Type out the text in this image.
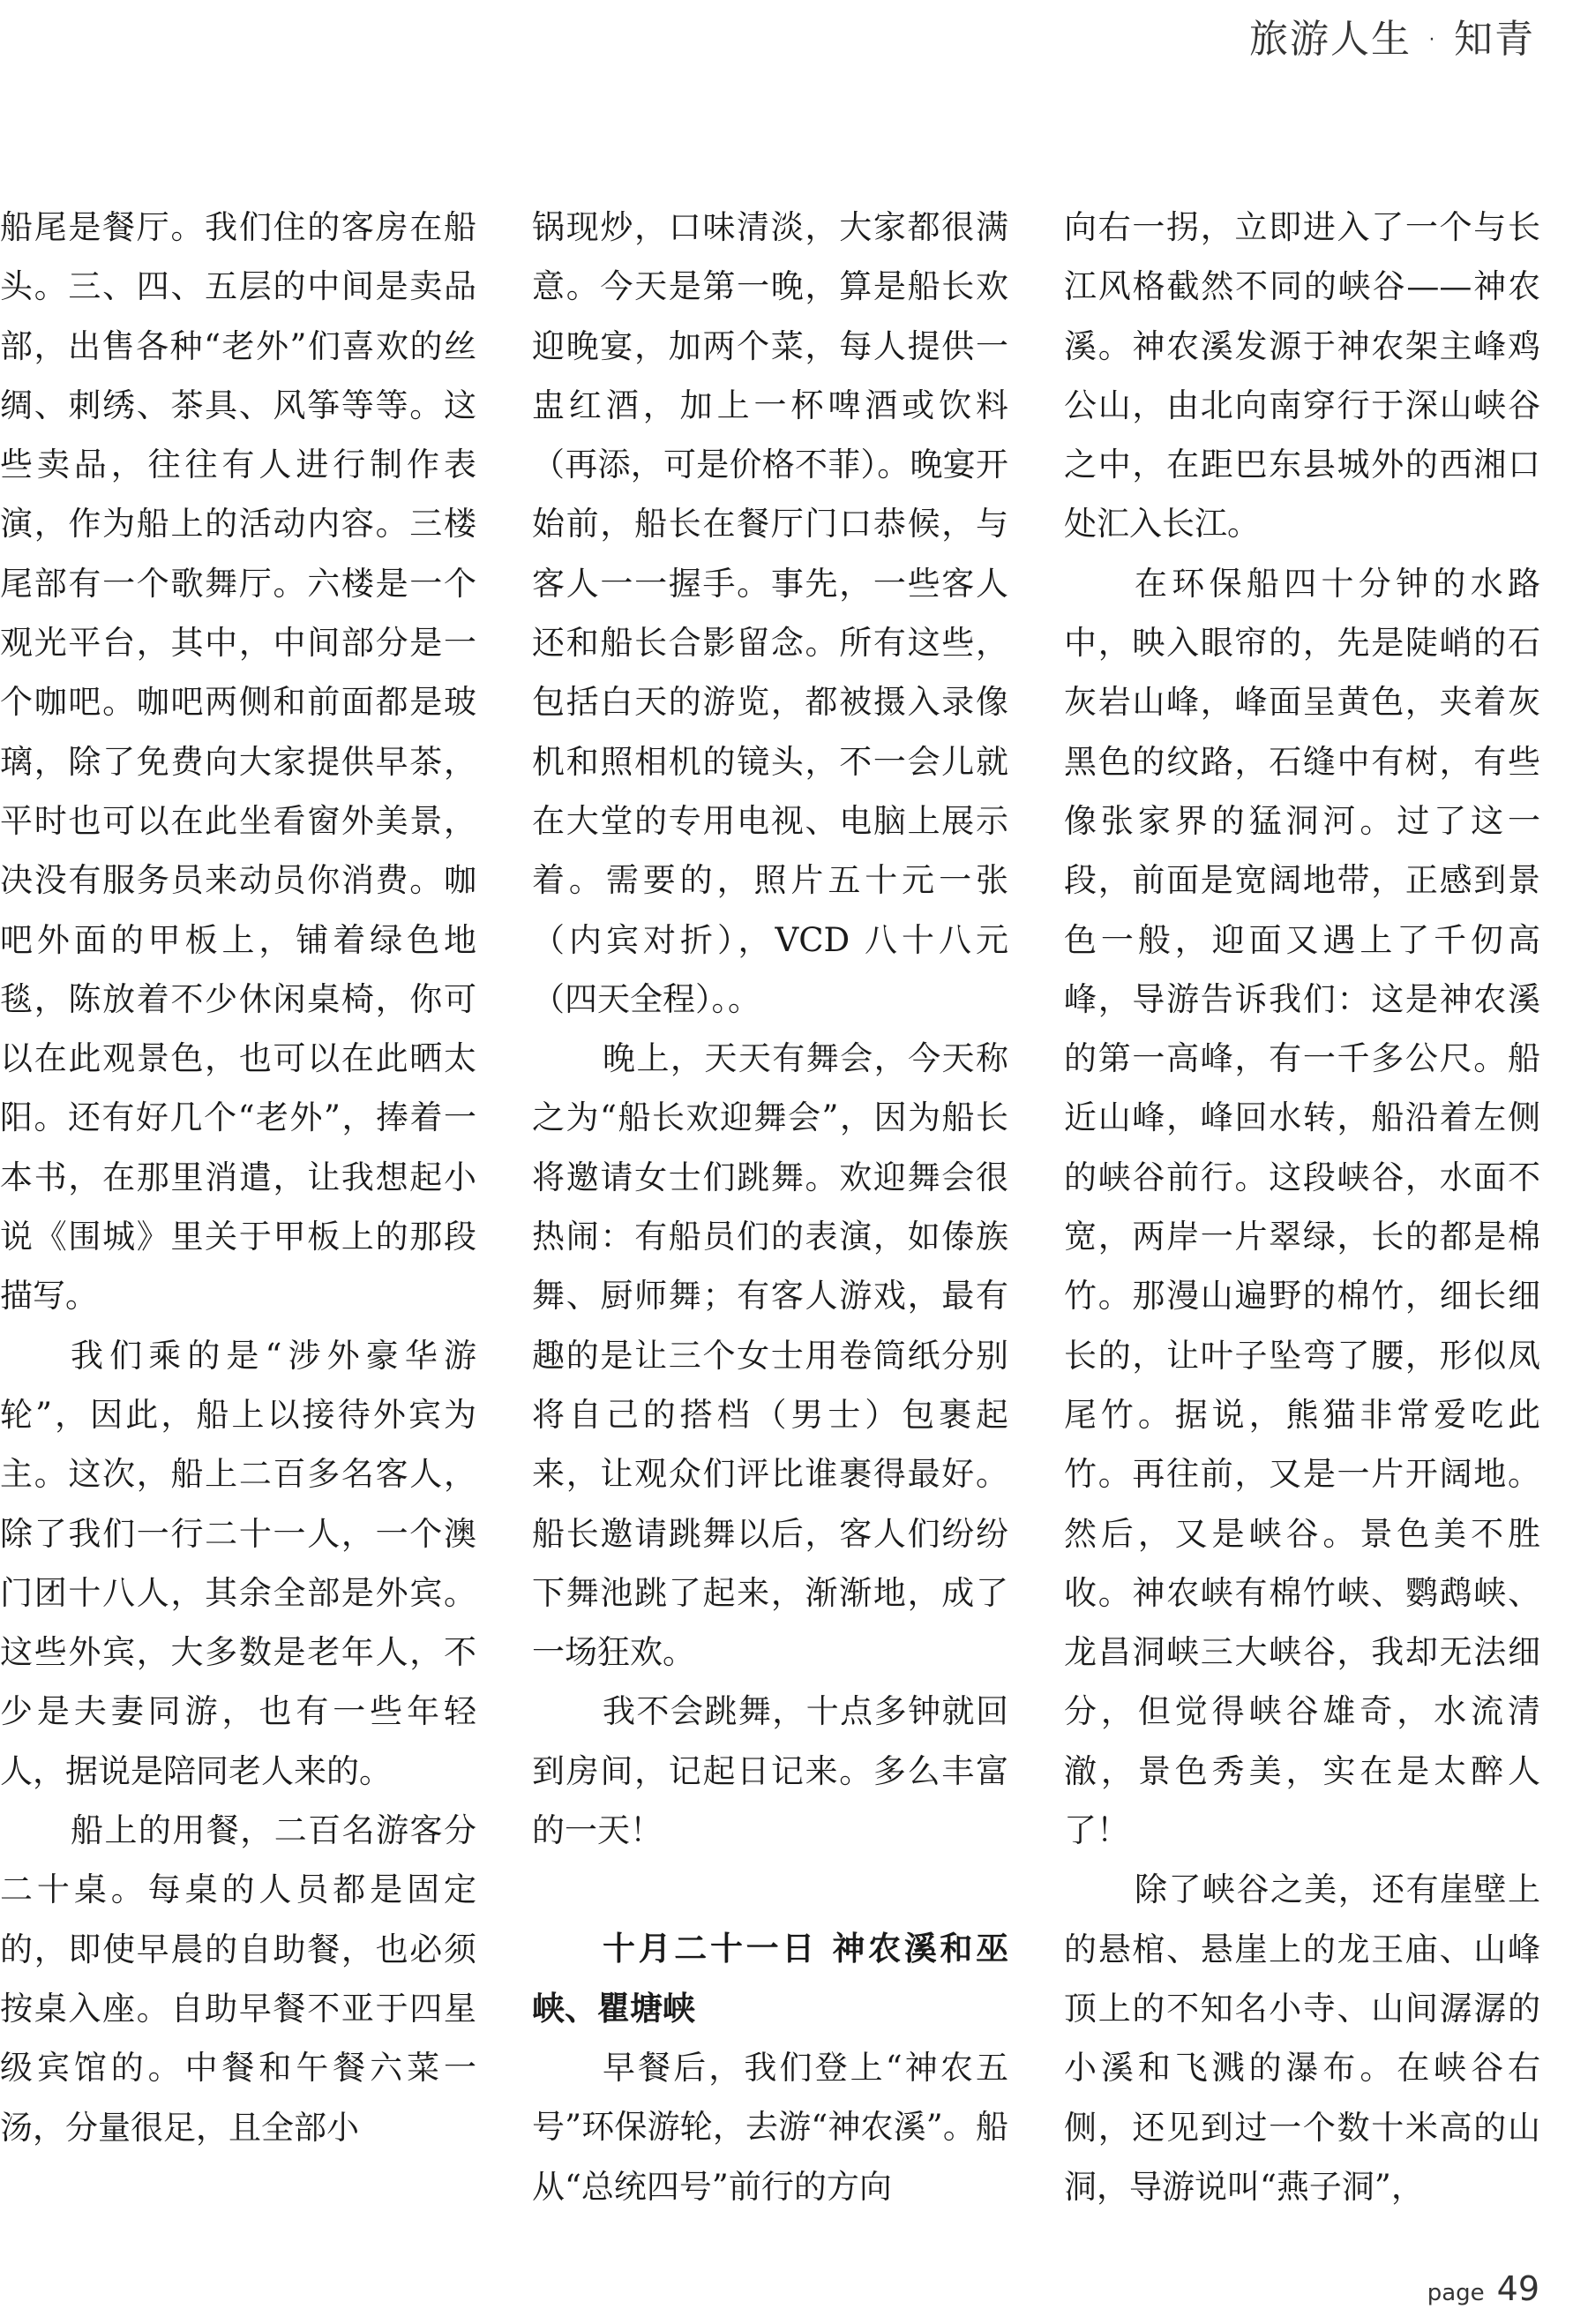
旅游人生 · 知青

船尾是餐厅。我们住的客房在船头。三、四、五层的中间是卖品部，出售各种“老外”们喜欢的丝绸、刺绣、茶具、风筝等等。这些卖品，往往有人进行制作表演，作为船上的活动内容。三楼尾部有一个歌舞厅。六楼是一个观光平台，其中，中间部分是一个咖吧。咖吧两侧和前面都是玻璃，除了免费向大家提供早茶，平时也可以在此坐看窗外美景，决没有服务员来动员你消费。咖吧外面的甲板上，铺着绿色地毯，陈放着不少休闲桌椅，你可以在此观景色，也可以在此晒太阳。还有好几个“老外”，捧着一本书，在那里消遣，让我想起小说《围城》里关于甲板上的那段描写。

我们乘的是“涉外豪华游轮”，因此，船上以接待外宾为主。这次，船上二百多名客人，除了我们一行二十一人，一个澳门团十八人，其余全部是外宾。这些外宾，大多数是老年人，不少是夫妻同游，也有一些年轻人，据说是陪同老人来的。

船上的用餐，二百名游客分二十桌。每桌的人员都是固定的，即使早晨的自助餐，也必须按桌入座。自助早餐不亚于四星级宾馆的。中餐和午餐六菜一汤，分量很足，且全部小

锅现炒，口味清淡，大家都很满意。今天是第一晚，算是船长欢迎晚宴，加两个菜，每人提供一盅红酒，加上一杯啤酒或饮料（再添，可是价格不菲）。晚宴开始前，船长在餐厅门口恭候，与客人一一握手。事先，一些客人还和船长合影留念。所有这些，包括白天的游览，都被摄入录像机和照相机的镜头，不一会儿就在大堂的专用电视、电脑上展示着。需要的，照片五十元一张（内宾对折），VCD 八十八元（四天全程）。。

晚上，天天有舞会，今天称之为“船长欢迎舞会”，因为船长将邀请女士们跳舞。欢迎舞会很热闹：有船员们的表演，如傣族舞、厨师舞；有客人游戏，最有趣的是让三个女士用卷筒纸分别将自己的搭档（男士）包裹起来，让观众们评比谁裹得最好。船长邀请跳舞以后，客人们纷纷下舞池跳了起来，渐渐地，成了一场狂欢。

我不会跳舞，十点多钟就回到房间，记起日记来。多么丰富的一天！

十月二十一日 神农溪和巫峡、瞿塘峡

早餐后，我们登上“神农五号”环保游轮，去游“神农溪”。船从“总统四号”前行的方向

向右一拐，立即进入了一个与长江风格截然不同的峡谷——神农溪。神农溪发源于神农架主峰鸡公山，由北向南穿行于深山峡谷之中，在距巴东县城外的西湘口处汇入长江。

在环保船四十分钟的水路中，映入眼帘的，先是陡峭的石灰岩山峰，峰面呈黄色，夹着灰黑色的纹路，石缝中有树，有些像张家界的猛洞河。过了这一段，前面是宽阔地带，正感到景色一般，迎面又遇上了千仞高峰，导游告诉我们：这是神农溪的第一高峰，有一千多公尺。船近山峰，峰回水转，船沿着左侧的峡谷前行。这段峡谷，水面不宽，两岸一片翠绿，长的都是棉竹。那漫山遍野的棉竹，细长细长的，让叶子坠弯了腰，形似凤尾竹。据说，熊猫非常爱吃此竹。再往前，又是一片开阔地。然后，又是峡谷。景色美不胜收。神农峡有棉竹峡、鹦鹉峡、龙昌洞峡三大峡谷，我却无法细分，但觉得峡谷雄奇，水流清澈，景色秀美，实在是太醉人了！

除了峡谷之美，还有崖壁上的悬棺、悬崖上的龙王庙、山峰顶上的不知名小寺、山间潺潺的小溪和飞溅的瀑布。在峡谷右侧，还见到过一个数十米高的山洞，导游说叫“燕子洞”，

page 49
